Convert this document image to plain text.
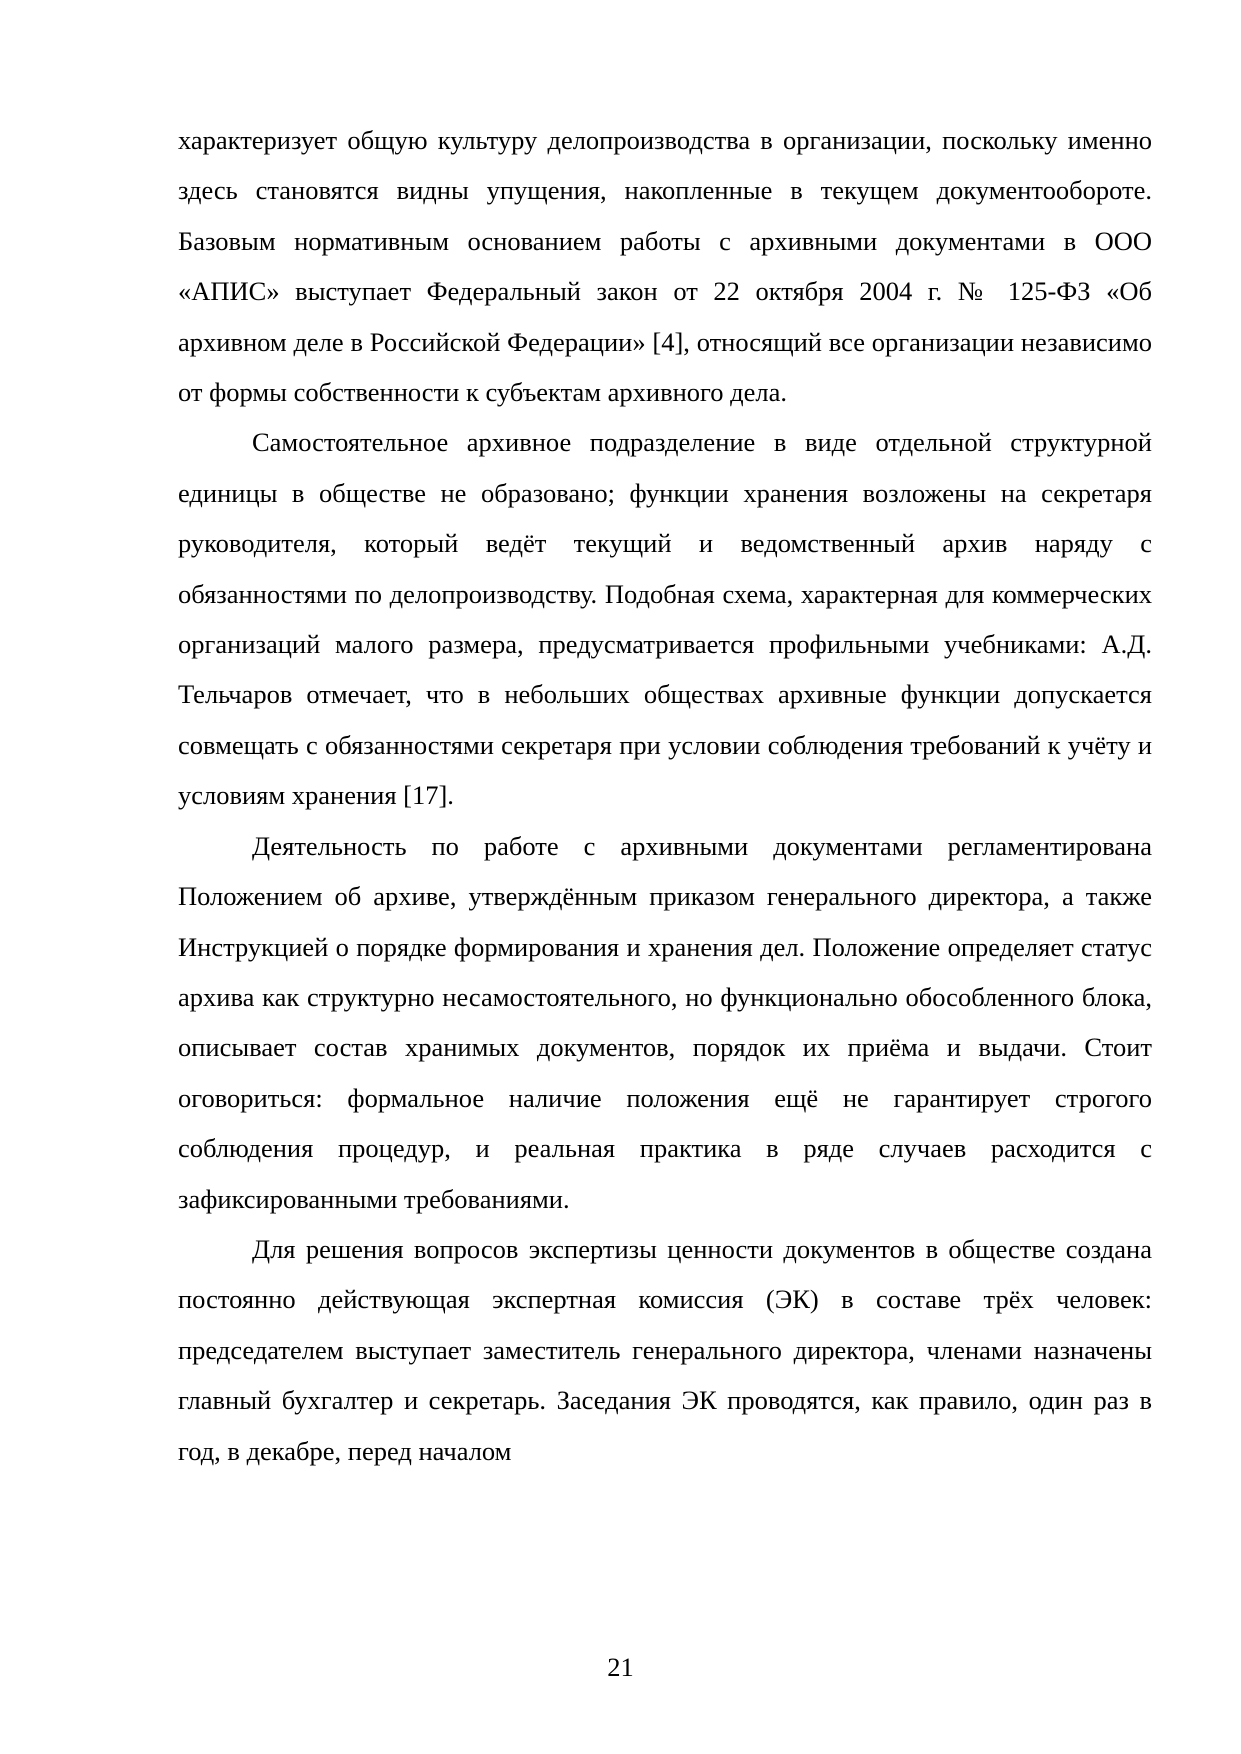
характеризует общую культуру делопроизводства в организации, поскольку именно здесь становятся видны упущения, накопленные в текущем документообороте. Базовым нормативным основанием работы с архивными документами в ООО «АПИС» выступает Федеральный закон от 22 октября 2004 г. № 125-ФЗ «Об архивном деле в Российской Федерации» [4], относящий все организации независимо от формы собственности к субъектам архивного дела.

Самостоятельное архивное подразделение в виде отдельной структурной единицы в обществе не образовано; функции хранения возложены на секретаря руководителя, который ведёт текущий и ведомственный архив наряду с обязанностями по делопроизводству. Подобная схема, характерная для коммерческих организаций малого размера, предусматривается профильными учебниками: А.Д. Тельчаров отмечает, что в небольших обществах архивные функции допускается совмещать с обязанностями секретаря при условии соблюдения требований к учёту и условиям хранения [17].

Деятельность по работе с архивными документами регламентирована Положением об архиве, утверждённым приказом генерального директора, а также Инструкцией о порядке формирования и хранения дел. Положение определяет статус архива как структурно несамостоятельного, но функционально обособленного блока, описывает состав хранимых документов, порядок их приёма и выдачи. Стоит оговориться: формальное наличие положения ещё не гарантирует строгого соблюдения процедур, и реальная практика в ряде случаев расходится с зафиксированными требованиями.

Для решения вопросов экспертизы ценности документов в обществе создана постоянно действующая экспертная комиссия (ЭК) в составе трёх человек: председателем выступает заместитель генерального директора, членами назначены главный бухгалтер и секретарь. Заседания ЭК проводятся, как правило, один раз в год, в декабре, перед началом

21
